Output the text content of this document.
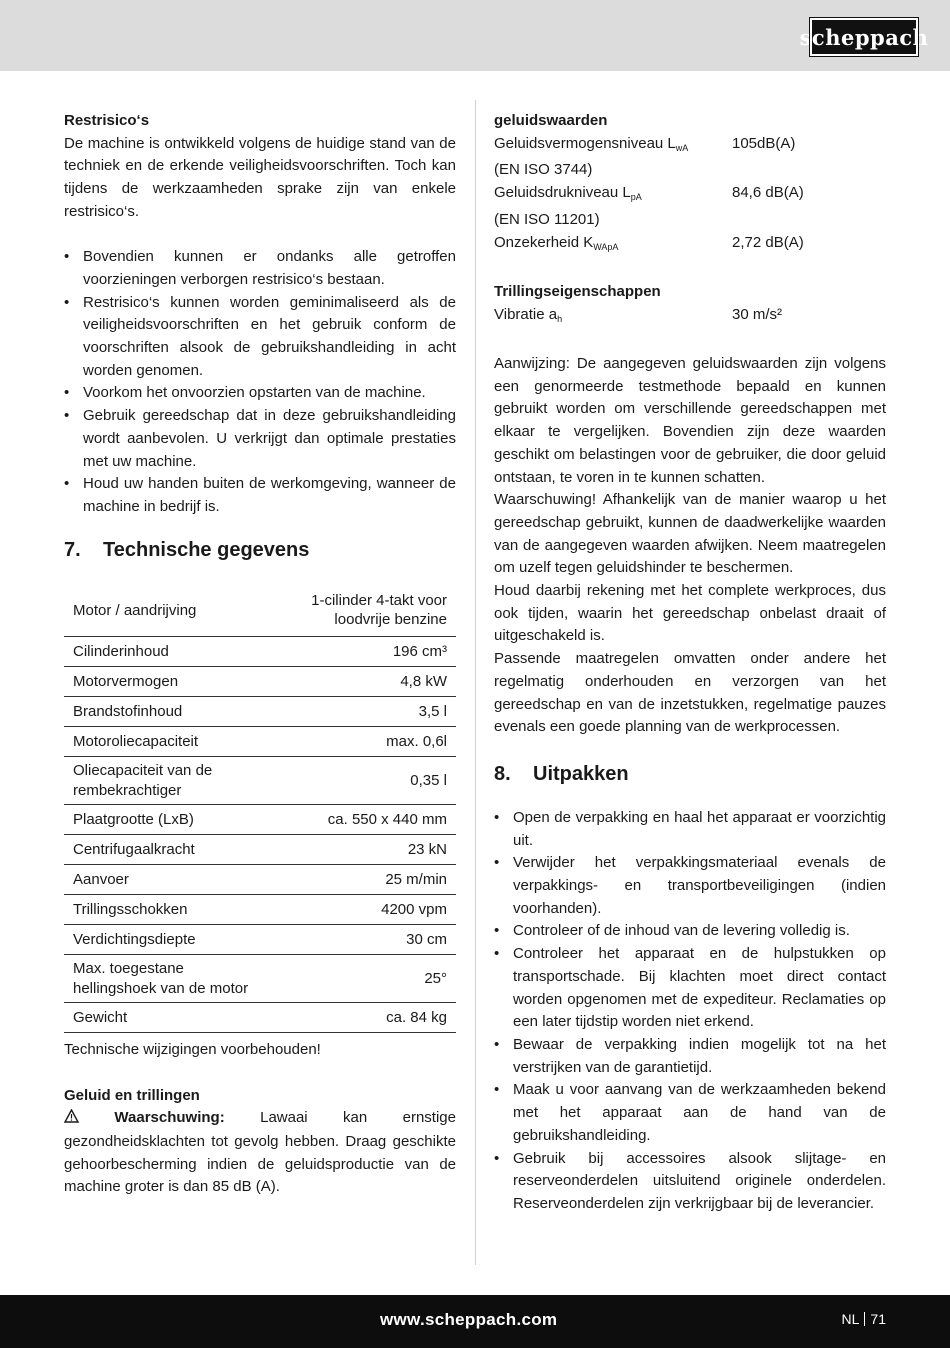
scheppach
Restrisico‘s
De machine is ontwikkeld volgens de huidige stand van de techniek en de erkende veiligheidsvoorschriften. Toch kan tijdens de werkzaamheden sprake zijn van enkele restrisico‘s.
• Bovendien kunnen er ondanks alle getroffen voorzieningen verborgen restrisico‘s bestaan.
• Restrisico‘s kunnen worden geminimaliseerd als de veiligheidsvoorschriften en het gebruik conform de voorschriften alsook de gebruikshandleiding in acht worden genomen.
• Voorkom het onvoorzien opstarten van de machine.
• Gebruik gereedschap dat in deze gebruikshandleiding wordt aanbevolen. U verkrijgt dan optimale prestaties met uw machine.
• Houd uw handen buiten de werkomgeving, wanneer de machine in bedrijf is.
7.	Technische gegevens
Motor / aandrijving	1-cilinder 4-takt voor loodvrije benzine
Cilinderinhoud	196 cm³
Motorvermogen	4,8 kW
Brandstofinhoud	3,5 l
Motoroliecapaciteit	max. 0,6l
Oliecapaciteit van de rembekrachtiger	0,35 l
Plaatgrootte (LxB)	ca. 550 x 440 mm
Centrifugaalkracht	23 kN
Aanvoer	25 m/min
Trillingsschokken	4200 vpm
Verdichtingsdiepte	30 cm
Max. toegestane hellingshoek van de motor	25°
Gewicht	ca. 84 kg
Technische wijzigingen voorbehouden!
Geluid en trillingen
Waarschuwing: Lawaai kan ernstige gezondheidsklachten tot gevolg hebben. Draag geschikte gehoorbescherming indien de geluidsproductie van de machine groter is dan 85 dB (A).
geluidswaarden
Geluidsvermogensniveau $L_{wA}$	105dB(A)
(EN ISO 3744)
Geluidsdrukniveau $L_{pA}$	84,6 dB(A)
(EN ISO 11201)
Onzekerheid $K_{WApA}$	2,72 dB(A)
Trillingseigenschappen
Vibratie $a_h$	30 m/s²
Aanwijzing: De aangegeven geluidswaarden zijn volgens een genormeerde testmethode bepaald en kunnen gebruikt worden om verschillende gereedschappen met elkaar te vergelijken. Bovendien zijn deze waarden geschikt om belastingen voor de gebruiker, die door geluid ontstaan, te voren in te kunnen schatten.
Waarschuwing! Afhankelijk van de manier waarop u het gereedschap gebruikt, kunnen de daadwerkelijke waarden van de aangegeven waarden afwijken. Neem maatregelen om uzelf tegen geluidshinder te beschermen.
Houd daarbij rekening met het complete werkproces, dus ook tijden, waarin het gereedschap onbelast draait of uitgeschakeld is.
Passende maatregelen omvatten onder andere het regelmatig onderhouden en verzorgen van het gereedschap en van de inzetstukken, regelmatige pauzes evenals een goede planning van de werkprocessen.
8.	Uitpakken
• Open de verpakking en haal het apparaat er voorzichtig uit.
• Verwijder het verpakkingsmateriaal evenals de verpakkings- en transportbeveiligingen (indien voorhanden).
• Controleer of de inhoud van de levering volledig is.
• Controleer het apparaat en de hulpstukken op transportschade. Bij klachten moet direct contact worden opgenomen met de expediteur. Reclamaties op een later tijdstip worden niet erkend.
• Bewaar de verpakking indien mogelijk tot na het verstrijken van de garantietijd.
• Maak u voor aanvang van de werkzaamheden bekend met het apparaat aan de hand van de gebruikshandleiding.
• Gebruik bij accessoires alsook slijtage- en reserveonderdelen uitsluitend originele onderdelen. Reserveonderdelen zijn verkrijgbaar bij de leverancier.
www.scheppach.com	NL 71
